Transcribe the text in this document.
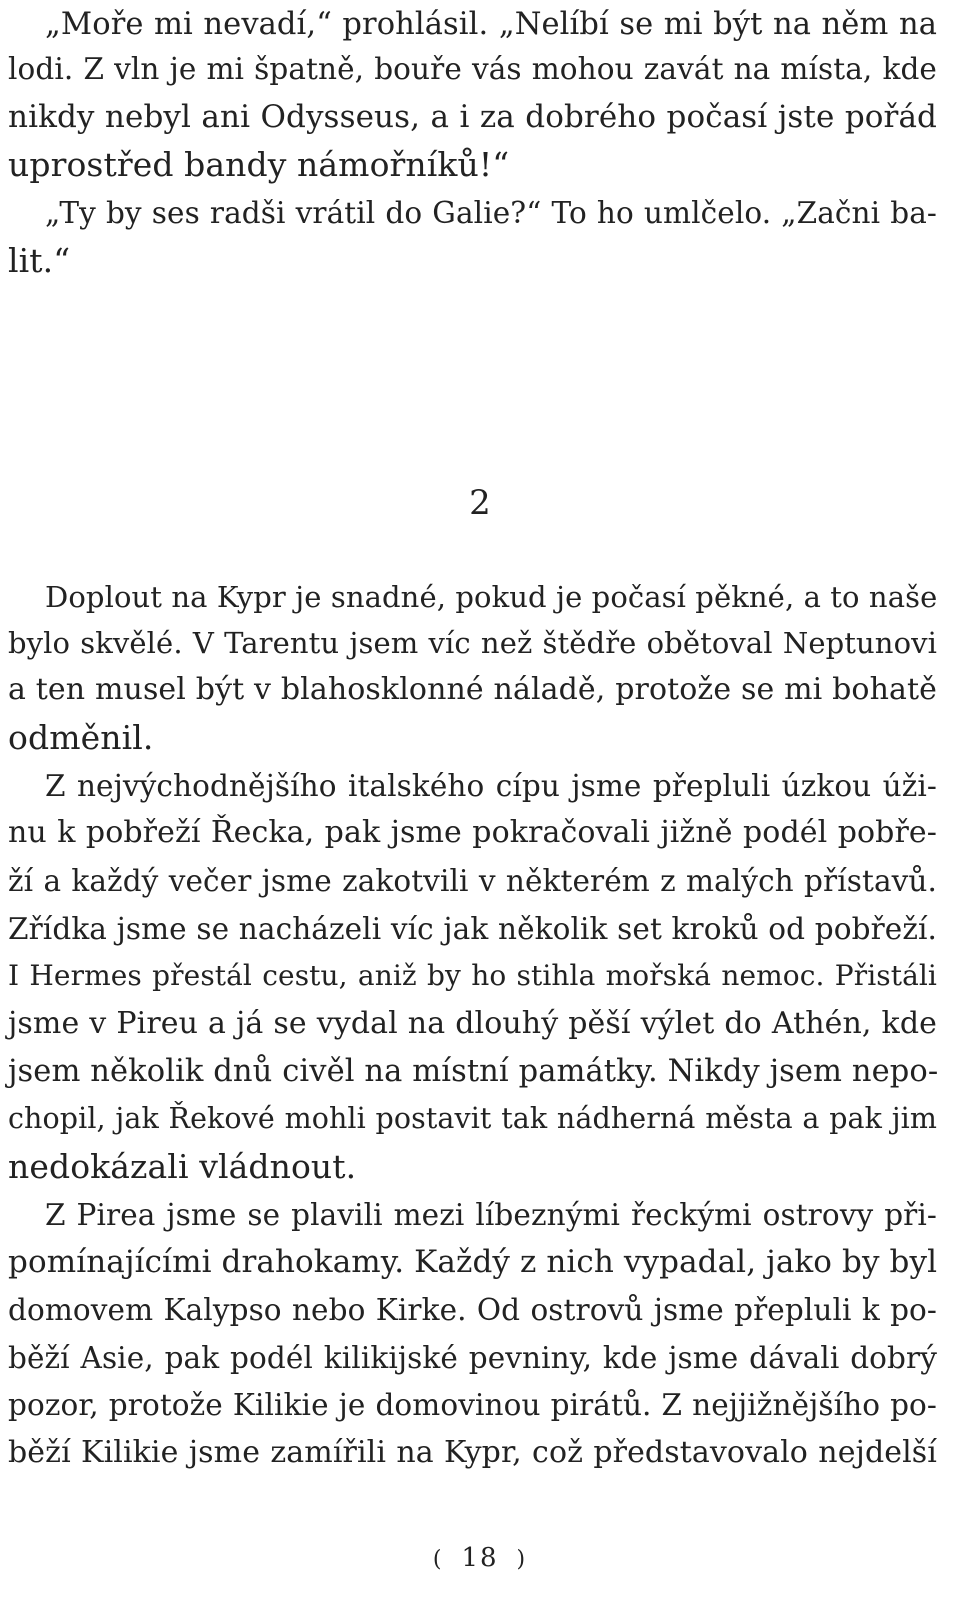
„Moře mi nevadí,“ prohlásil. „Nelíbí se mi být na něm na
lodi. Z vln je mi špatně, bouře vás mohou zavát na místa, kde
nikdy nebyl ani Odysseus, a i za dobrého počasí jste pořád
uprostřed bandy námořníků!“
„Ty by ses radši vrátil do Galie?“ To ho umlčelo. „Začni ba-
lit.“
2
Doplout na Kypr je snadné, pokud je počasí pěkné, a to naše
bylo skvělé. V Tarentu jsem víc než štědře obětoval Neptunovi
a ten musel být v blahosklonné náladě, protože se mi bohatě
odměnil.
Z nejvýchodnějšího italského cípu jsme přepluli úzkou úži-
nu k pobřeží Řecka, pak jsme pokračovali jižně podél pobře-
ží a každý večer jsme zakotvili v některém z malých přístavů.
Zřídka jsme se nacházeli víc jak několik set kroků od pobřeží.
I Hermes přestál cestu, aniž by ho stihla mořská nemoc. Přistáli
jsme v Pireu a já se vydal na dlouhý pěší výlet do Athén, kde
jsem několik dnů civěl na místní památky. Nikdy jsem nepo-
chopil, jak Řekové mohli postavit tak nádherná města a pak jim
nedokázali vládnout.
Z Pirea jsme se plavili mezi líbeznými řeckými ostrovy při-
pomínajícími drahokamy. Každý z nich vypadal, jako by byl
domovem Kalypso nebo Kirke. Od ostrovů jsme přepluli k po-
běží Asie, pak podél kilikijské pevniny, kde jsme dávali dobrý
pozor, protože Kilikie je domovinou pirátů. Z nejjižnějšího po-
běží Kilikie jsme zamířili na Kypr, což představovalo nejdelší
( 18 )
